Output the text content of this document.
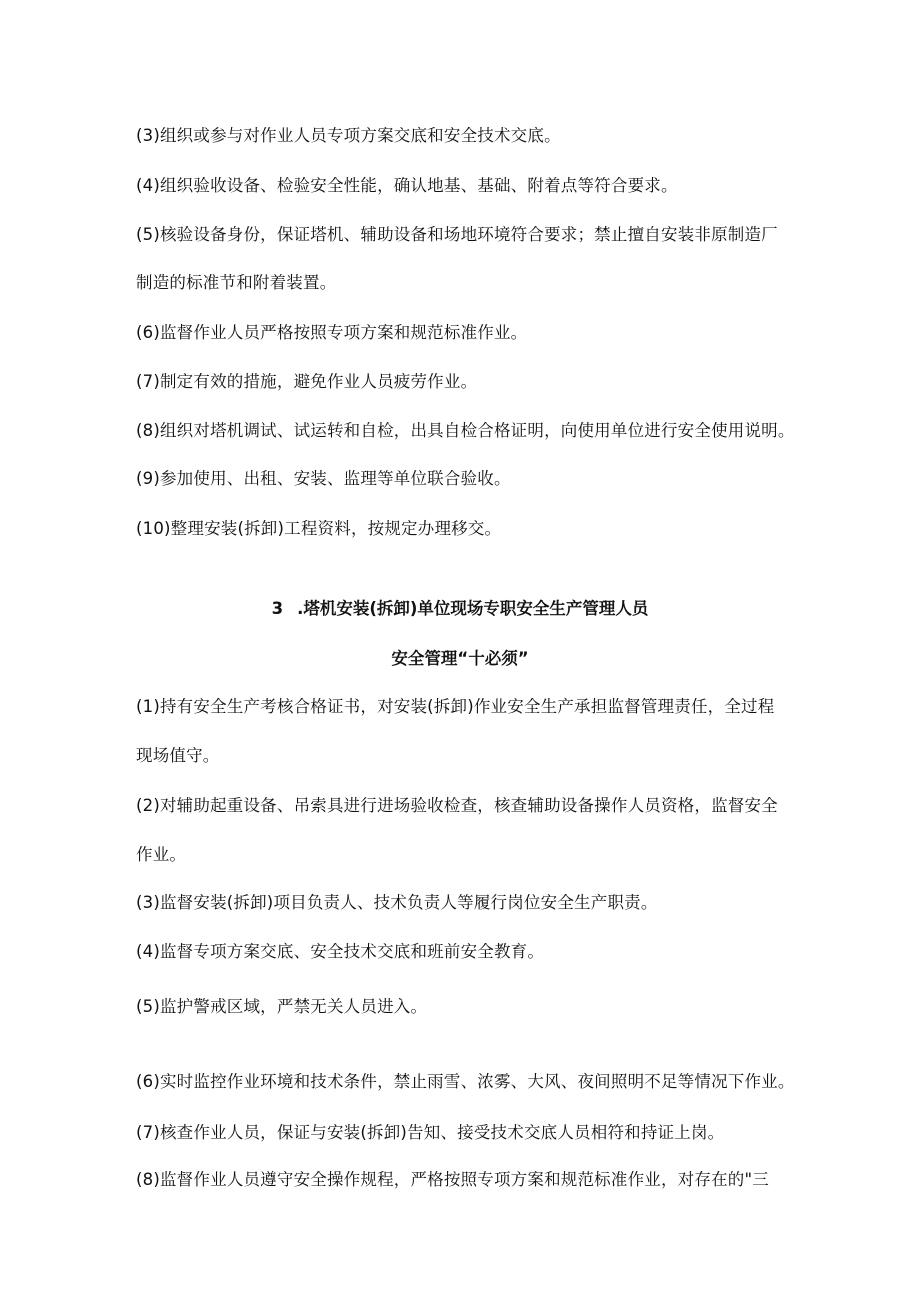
(3)组织或参与对作业人员专项方案交底和安全技术交底。
(4)组织验收设备、检验安全性能，确认地基、基础、附着点等符合要求。
(5)核验设备身份，保证塔机、辅助设备和场地环境符合要求；禁止擅自安装非原制造厂
制造的标准节和附着装置。
(6)监督作业人员严格按照专项方案和规范标准作业。
(7)制定有效的措施，避免作业人员疲劳作业。
(8)组织对塔机调试、试运转和自检，出具自检合格证明，向使用单位进行安全使用说明。
(9)参加使用、出租、安装、监理等单位联合验收。
(10)整理安装(拆卸)工程资料，按规定办理移交。
3 .塔机安装(拆卸)单位现场专职安全生产管理人员
安全管理“十必须”
(1)持有安全生产考核合格证书，对安装(拆卸)作业安全生产承担监督管理责任，全过程
现场值守。
(2)对辅助起重设备、吊索具进行进场验收检查，核查辅助设备操作人员资格，监督安全
作业。
(3)监督安装(拆卸)项目负责人、技术负责人等履行岗位安全生产职责。
(4)监督专项方案交底、安全技术交底和班前安全教育。
(5)监护警戒区域，严禁无关人员进入。
(6)实时监控作业环境和技术条件，禁止雨雪、浓雾、大风、夜间照明不足等情况下作业。
(7)核查作业人员，保证与安装(拆卸)告知、接受技术交底人员相符和持证上岗。
(8)监督作业人员遵守安全操作规程，严格按照专项方案和规范标准作业，对存在的"三
